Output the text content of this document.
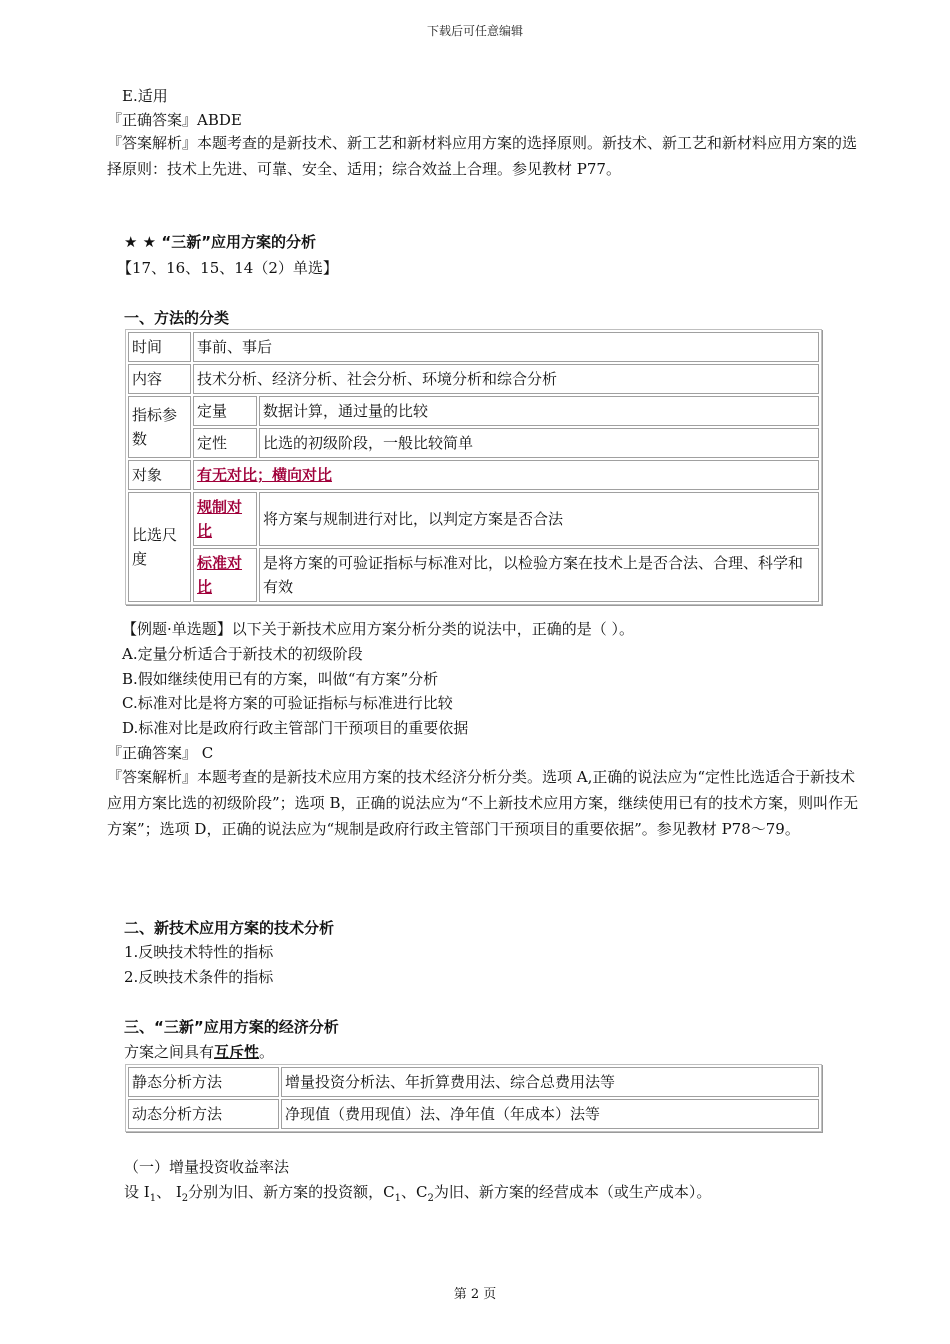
下载后可任意编辑
E.适用
『正确答案』ABDE
『答案解析』本题考查的是新技术、新工艺和新材料应用方案的选择原则。新技术、新工艺和新材料应用方案的选择原则：技术上先进、可靠、安全、适用；综合效益上合理。参见教材 P77。
★ ★ “三新”应用方案的分析
【17、16、15、14（2）单选】
一、方法的分类
时间	事前、事后	
内容	技术分析、经济分析、社会分析、环境分析和综合分析	
指标参数	定量	数据计算，通过量的比较
	定性	比选的初级阶段，一般比较简单
对象	有无对比；横向对比	
比选尺度	规制对比	将方案与规制进行对比，以判定方案是否合法
	标准对比	是将方案的可验证指标与标准对比，以检验方案在技术上是否合法、合理、科学和有效
【例题·单选题】以下关于新技术应用方案分析分类的说法中，正确的是（ ）。
A.定量分析适合于新技术的初级阶段
B.假如继续使用已有的方案，叫做“有方案”分析
C.标准对比是将方案的可验证指标与标准进行比较
D.标准对比是政府行政主管部门干预项目的重要依据
『正确答案』 C
『答案解析』本题考查的是新技术应用方案的技术经济分析分类。选项 A,正确的说法应为“定性比选适合于新技术应用方案比选的初级阶段”；选项 B，正确的说法应为“不上新技术应用方案，继续使用已有的技术方案，则叫作无方案”；选项 D，正确的说法应为“规制是政府行政主管部门干预项目的重要依据”。参见教材 P78～79。
二、新技术应用方案的技术分析
1.反映技术特性的指标
2.反映技术条件的指标
三、“三新”应用方案的经济分析
方案之间具有互斥性。
静态分析方法	增量投资分析法、年折算费用法、综合总费用法等
动态分析方法	净现值（费用现值）法、净年值（年成本）法等
（一）增量投资收益率法
设 $I_1$、 $I_2$分别为旧、新方案的投资额，$C_1$、$C_2$为旧、新方案的经营成本（或生产成本）。
第 2 页
